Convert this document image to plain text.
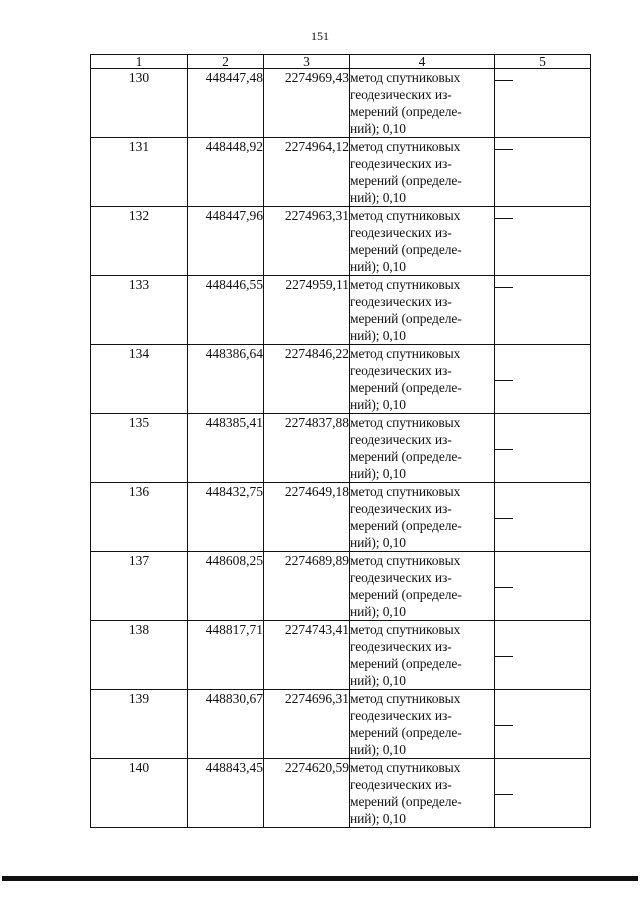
151
1	2	3	4	5
130	448447,48	2274969,43	метод спутниковых
геодезических из-
мерений (определе-
ний); 0,10	

131	448448,92	2274964,12	метод спутниковых
геодезических из-
мерений (определе-
ний); 0,10	

132	448447,96	2274963,31	метод спутниковых
геодезических из-
мерений (определе-
ний); 0,10	

133	448446,55	2274959,11	метод спутниковых
геодезических из-
мерений (определе-
ний); 0,10	

134	448386,64	2274846,22	метод спутниковых
геодезических из-
мерений (определе-
ний); 0,10	

135	448385,41	2274837,88	метод спутниковых
геодезических из-
мерений (определе-
ний); 0,10	

136	448432,75	2274649,18	метод спутниковых
геодезических из-
мерений (определе-
ний); 0,10	

137	448608,25	2274689,89	метод спутниковых
геодезических из-
мерений (определе-
ний); 0,10	

138	448817,71	2274743,41	метод спутниковых
геодезических из-
мерений (определе-
ний); 0,10	

139	448830,67	2274696,31	метод спутниковых
геодезических из-
мерений (определе-
ний); 0,10	

140	448843,45	2274620,59	метод спутниковых
геодезических из-
мерений (определе-
ний); 0,10	
